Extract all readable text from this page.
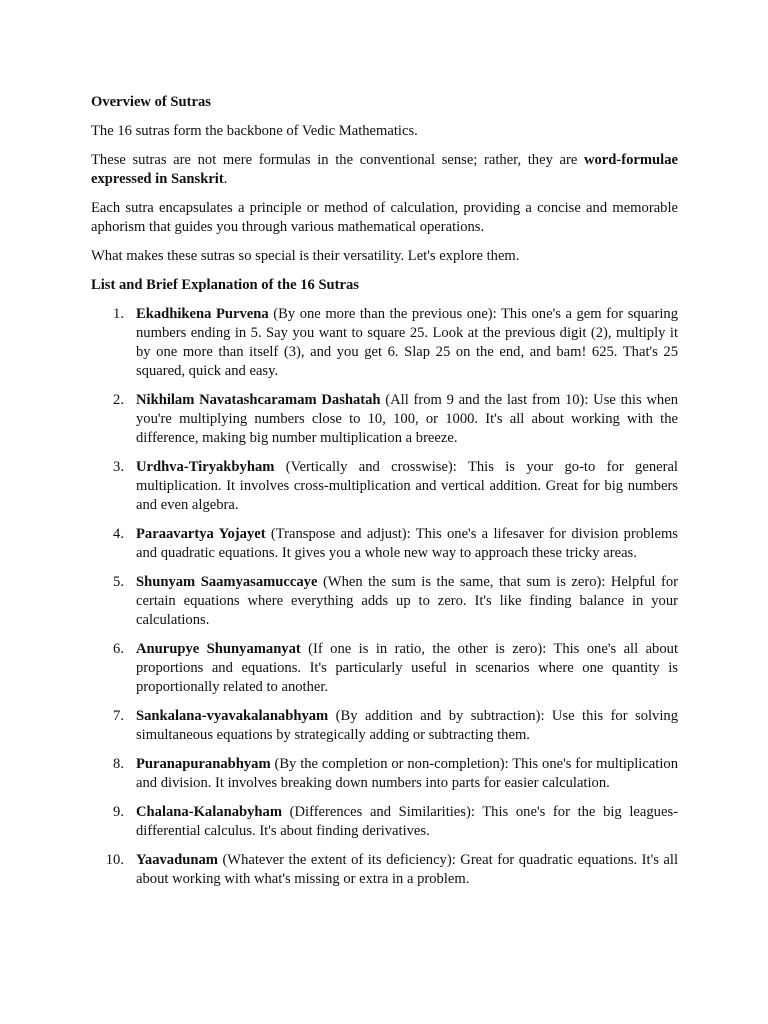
Overview of Sutras

The 16 sutras form the backbone of Vedic Mathematics.

These sutras are not mere formulas in the conventional sense; rather, they are word-formulae expressed in Sanskrit.

Each sutra encapsulates a principle or method of calculation, providing a concise and memorable aphorism that guides you through various mathematical operations.

What makes these sutras so special is their versatility. Let's explore them.

List and Brief Explanation of the 16 Sutras
1. Ekadhikena Purvena (By one more than the previous one): This one's a gem for squaring numbers ending in 5. Say you want to square 25. Look at the previous digit (2), multiply it by one more than itself (3), and you get 6. Slap 25 on the end, and bam! 625. That's 25 squared, quick and easy.
2. Nikhilam Navatashcaramam Dashatah (All from 9 and the last from 10): Use this when you're multiplying numbers close to 10, 100, or 1000. It's all about working with the difference, making big number multiplication a breeze.
3. Urdhva-Tiryakbyham (Vertically and crosswise): This is your go-to for general multiplication. It involves cross-multiplication and vertical addition. Great for big numbers and even algebra.
4. Paraavartya Yojayet (Transpose and adjust): This one's a lifesaver for division problems and quadratic equations. It gives you a whole new way to approach these tricky areas.
5. Shunyam Saamyasamuccaye (When the sum is the same, that sum is zero): Helpful for certain equations where everything adds up to zero. It's like finding balance in your calculations.
6. Anurupye Shunyamanyat (If one is in ratio, the other is zero): This one's all about proportions and equations. It's particularly useful in scenarios where one quantity is proportionally related to another.
7. Sankalana-vyavakalanabhyam (By addition and by subtraction): Use this for solving simultaneous equations by strategically adding or subtracting them.
8. Puranapuranabhyam (By the completion or non-completion): This one's for multiplication and division. It involves breaking down numbers into parts for easier calculation.
9. Chalana-Kalanabyham (Differences and Similarities): This one's for the big leagues- differential calculus. It's about finding derivatives.
10. Yaavadunam (Whatever the extent of its deficiency): Great for quadratic equations. It's all about working with what's missing or extra in a problem.
